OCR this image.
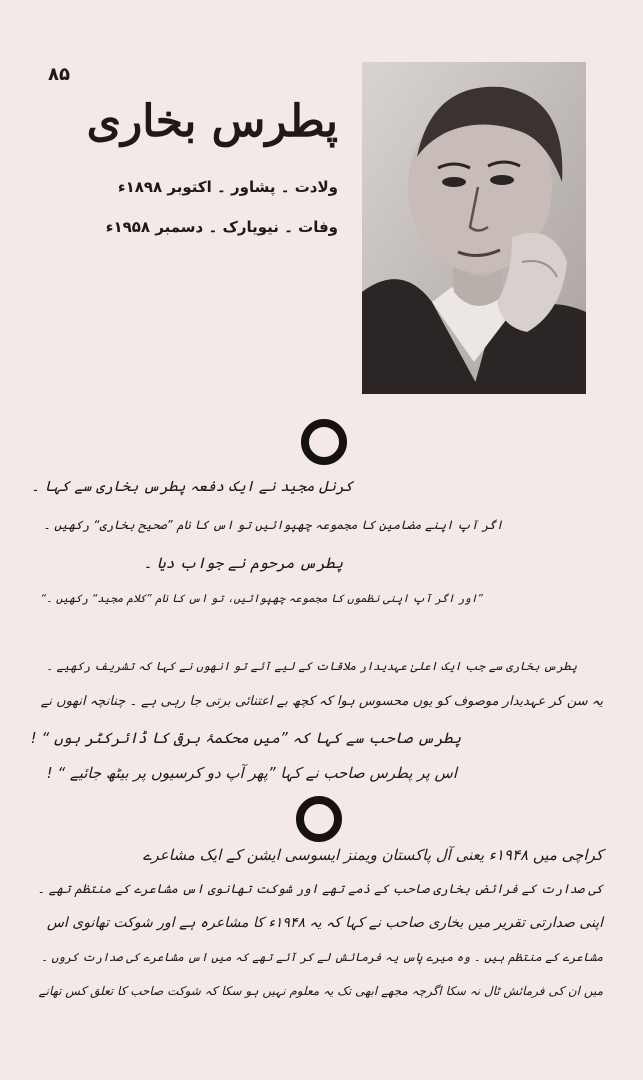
۸۵
پطرس بخاری
ولادت ۔ پشاور ۔ اکتوبر ۱۸۹۸ء
وفات ۔ نیویارک ۔ دسمبر ۱۹۵۸ء
کرنل مجید نے ایک دفعہ پطرس بخاری سے کہا ۔
اگر آپ اپنے مضامین کا مجموعہ چھپوائیں تو اس کا نام ”صحیح بخاری“ رکھیں ۔
پطرس مرحوم نے جواب دیا ۔
”اور اگر آپ اپنی نظموں کا مجموعہ چھپوائیں، تو اس کا نام ”کلام مجید“ رکھیں ۔“
پطرس بخاری سے جب ایک اعلیٰ عہدیدار ملاقات کے لیے آئے تو انھوں نے کہا کہ تشریف رکھیے ۔
یہ سن کر عہدیدار موصوف کو یوں محسوس ہوا کہ کچھ بے اعتنائی برتی جا رہی ہے ۔ چنانچہ انھوں نے
پطرس صاحب سے کہا کہ ”میں محکمۂ برقی کا ڈائرکٹر ہوں “ !
اس پر پطرس صاحب نے کہا ”پھر آپ دو کرسیوں پر بیٹھ جائیے “ !
کراچی میں ۱۹۴۸ء یعنی آل پاکستان ویمنز ایسوسی ایشن کے ایک مشاعرے
کی صدارت کے فرائض بخاری صاحب کے ذمے تھے اور شوکت تھانوی اس مشاعرے کے منتظم تھے ۔
اپنی صدارتی تقریر میں بخاری صاحب نے کہا کہ یہ ۱۹۴۸ء کا مشاعرہ ہے اور شوکت تھانوی اس
مشاعرے کے منتظم ہیں ۔ وہ میرے پاس یہ فرمائش لے کر آئے تھے کہ میں اس مشاعرے کی صدارت کروں ۔
میں ان کی فرمائش ٹال نہ سکا اگرچہ مجھے ابھی تک یہ معلوم نہیں ہو سکا کہ شوکت صاحب کا تعلق کس تھانے
